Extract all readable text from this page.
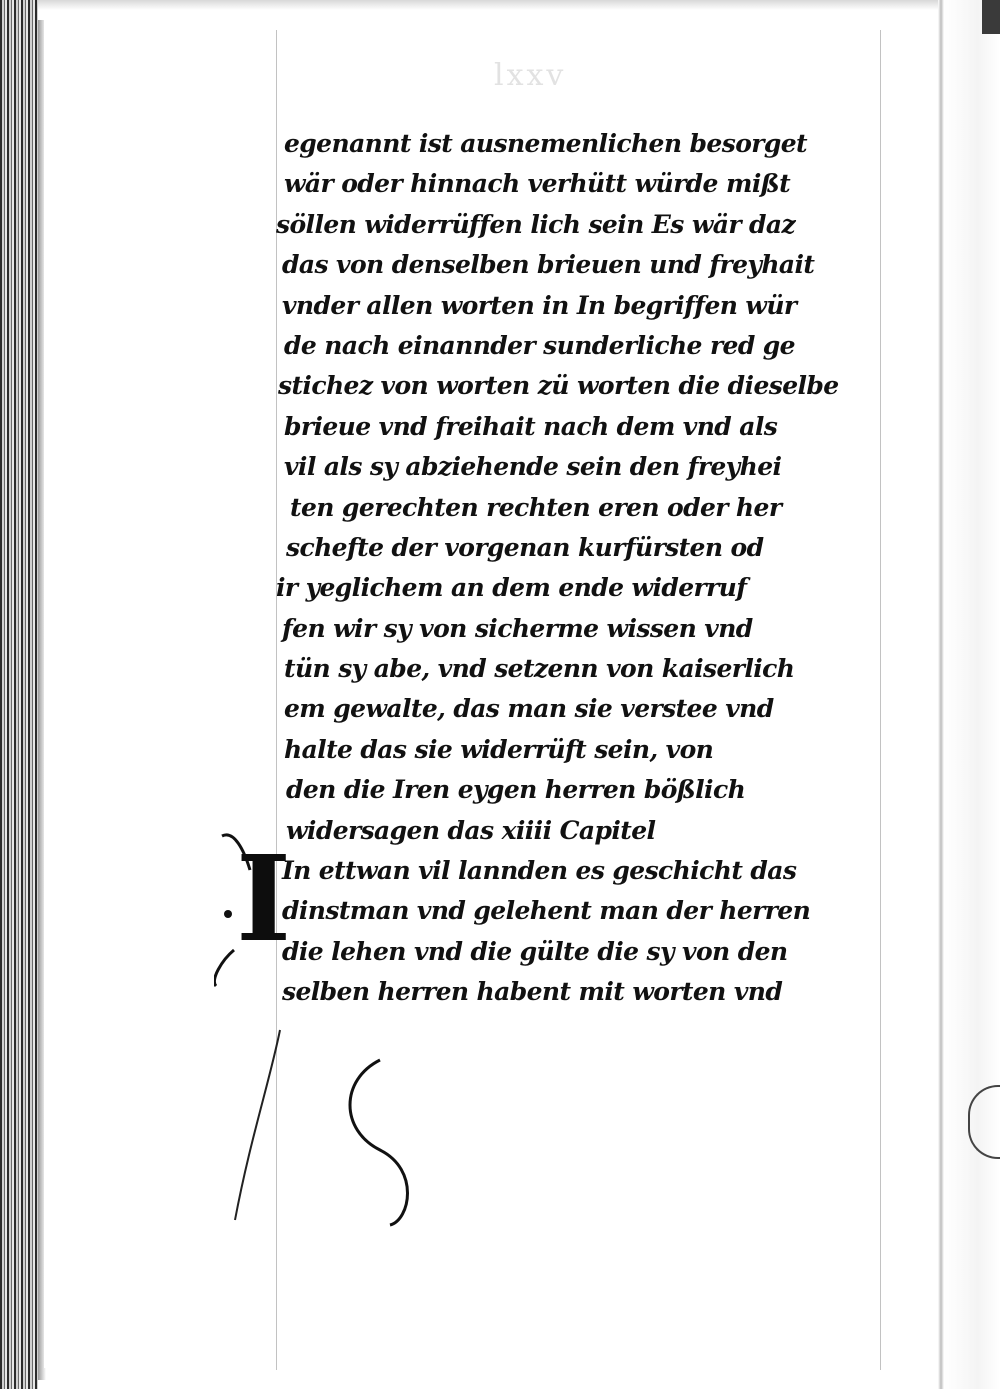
lxxv
I
egenannt ist ausnemenlichen besorget
wär oder hinnach verhütt würde mißt
söllen widerrüffen lich sein Es wär daz
das von denselben brieuen und freyhait
vnder allen worten in In begriffen wür
de nach einannder sunderliche red ge
stichez von worten zü worten die dieselbe
brieue vnd freihait nach dem vnd als
vil als sy abziehende sein den freyhei
ten gerechten rechten eren oder her
schefte der vorgenan kurfürsten od
ir yeglichem an dem ende widerruf
fen wir sy von sicherme wissen vnd
tün sy abe, vnd setzenn von kaiserlich
em gewalte, das man sie verstee vnd
halte das sie widerrüft sein, von
den die Iren eygen herren bößlich
widersagen das xiiii Capitel
In ettwan vil lannden es geschicht das
dinstman vnd gelehent man der herren
die lehen vnd die gülte die sy von den
selben herren habent mit worten vnd
